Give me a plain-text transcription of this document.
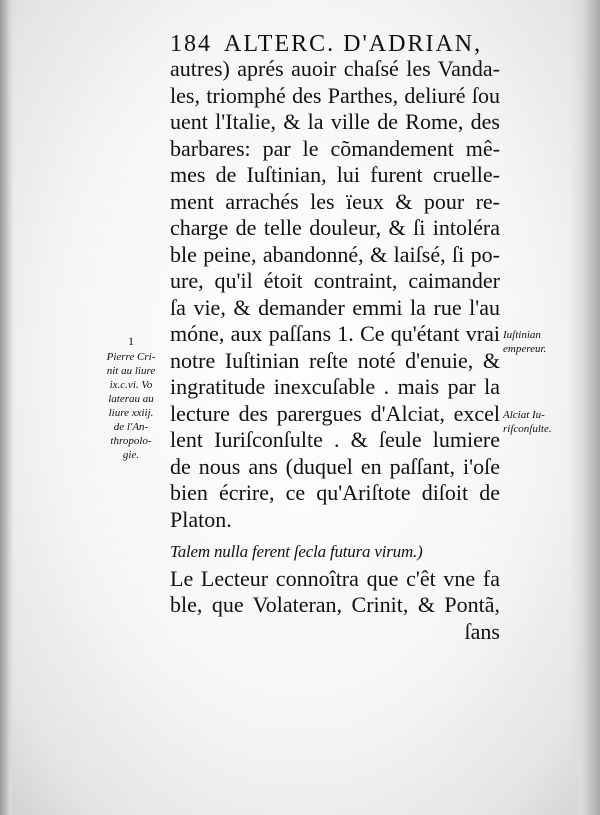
184 ALTERC. D'ADRIAN,
autres) aprés auoir chaſsé les Vanda-
les, triomphé des Parthes, deliuré ſou
uent l'Italie, & la ville de Rome, des
barbares: par le cõmandement mê-
mes de Iuſtinian, lui furent cruelle-
ment arrachés les ïeux & pour re-
charge de telle douleur, & ſi intoléra
ble peine, abandonné, & laiſsé, ſi po-
ure, qu'il étoit contraint, caimander
ſa vie, & demander emmi la rue l'au
móne, aux paſſans 1. Ce qu'étant vrai
notre Iuſtinian reſte noté d'enuie, &
ingratitude inexcuſable . mais par la
lecture des parergues d'Alciat, excel
lent Iuriſconſulte . & ſeule lumiere
de nous ans (duquel en paſſant, i'oſe
bien écrire, ce qu'Ariſtote diſoit de
Platon.
Talem nulla ferent ſecla futura virum.)
Le Lecteur connoîtra que c'êt vne fa
ble, que Volateran, Crinit, & Pontã,
ſans
1
Pierre Cri-
nit au liure
ix.c.vi. Vo
laterau au
liure xxiij.
de l'An-
thropolo-
gie.
Iuſtinian
empereur.
Alciat Iu-
riſconſulte.
